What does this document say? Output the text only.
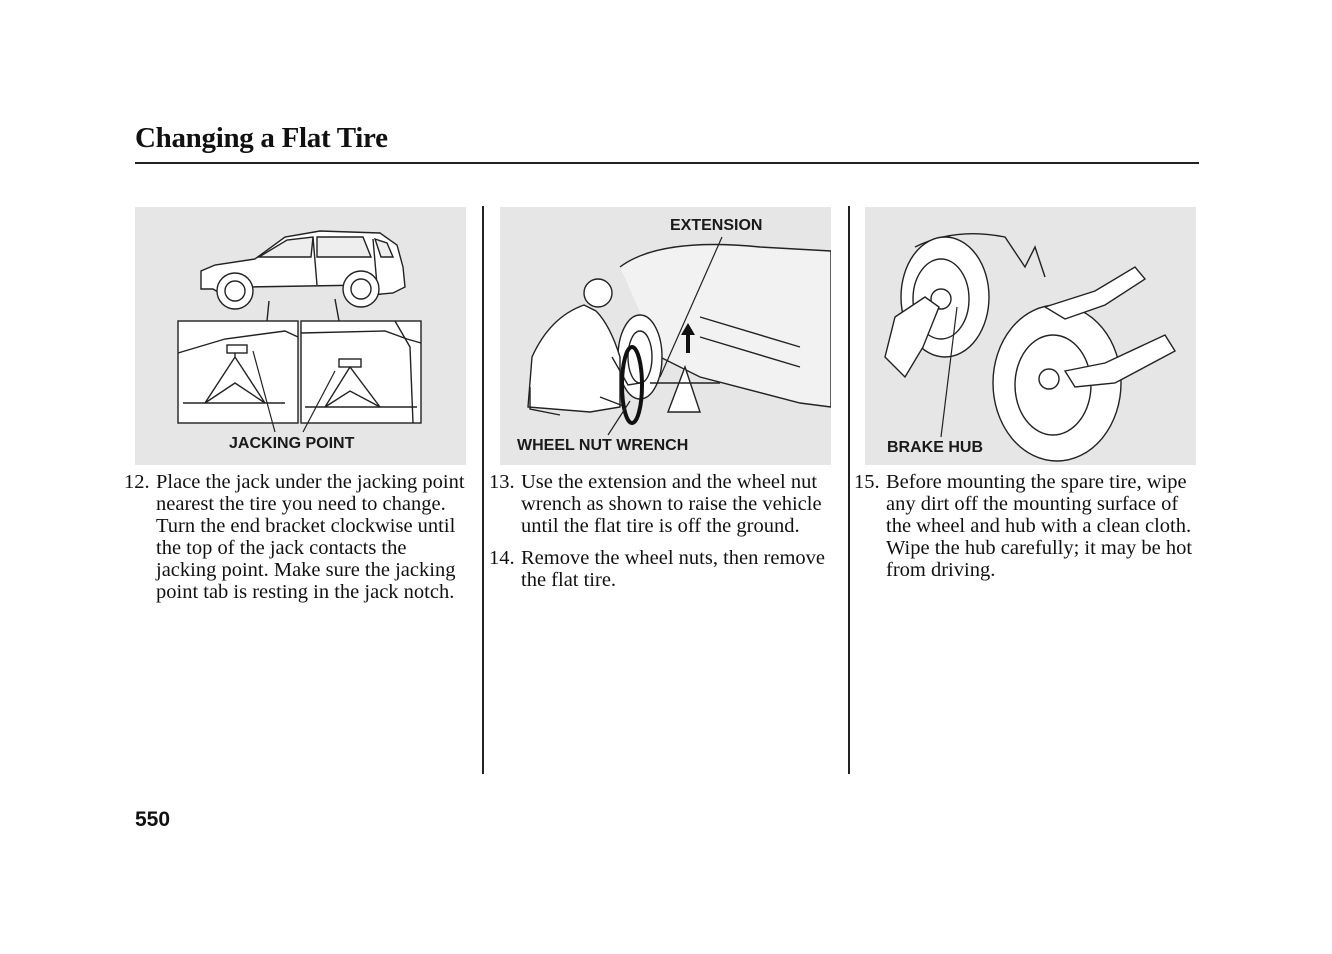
Changing a Flat Tire
JACKING POINT
EXTENSION
WHEEL NUT WRENCH	BRAKE HUB
12. Place the jack under the jacking point nearest the tire you need to change. Turn the end bracket clockwise until the top of the jack contacts the jacking point. Make sure the jacking point tab is resting in the jack notch.
13. Use the extension and the wheel nut wrench as shown to raise the vehicle until the flat tire is off the ground.
14. Remove the wheel nuts, then remove the flat tire.
15. Before mounting the spare tire, wipe any dirt off the mounting surface of the wheel and hub with a clean cloth. Wipe the hub carefully; it may be hot from driving.
550
